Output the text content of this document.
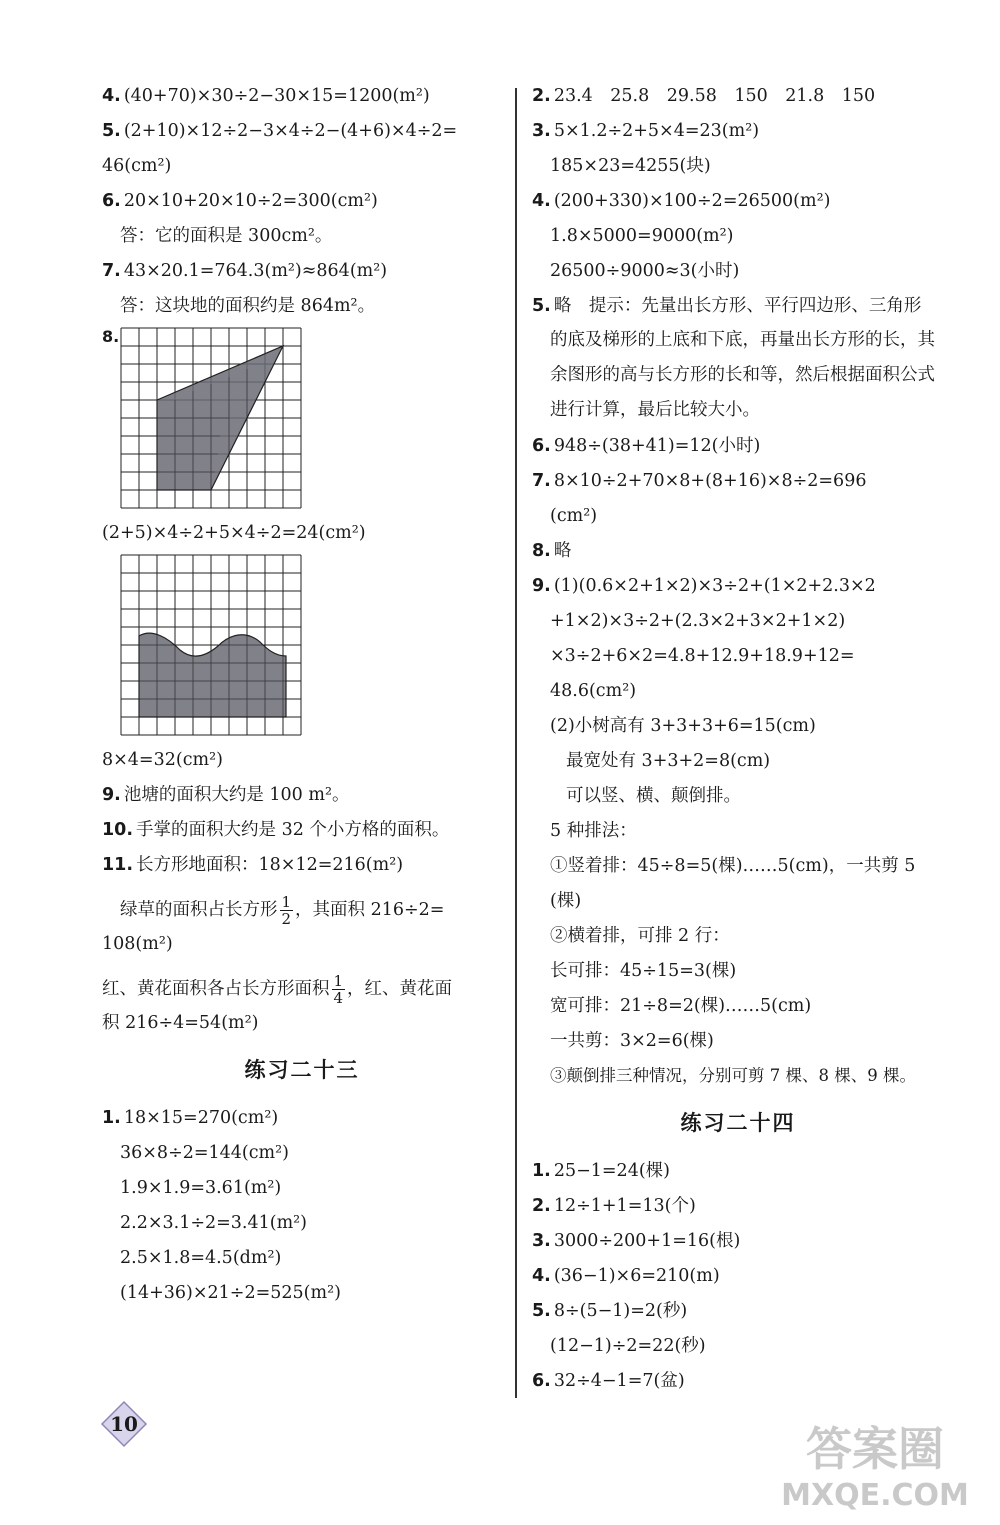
4. (40+70)×30÷2−30×15=1200(m²)

5. (2+10)×12÷2−3×4÷2−(4+6)×4÷2=

46(cm²)

6. 20×10+20×10÷2=300(cm²)

答：它的面积是 300cm²。

7. 43×20.1=764.3(m²)≈864(m²)

答：这块地的面积约是 864m²。

8.

(2+5)×4÷2+5×4÷2=24(cm²)

8×4=32(cm²)

9. 池塘的面积大约是 100 m²。

10. 手掌的面积大约是 32 个小方格的面积。

11. 长方形地面积：18×12=216(m²)

绿草的面积占长方形 $\frac{1}{2}$ ，其面积 216÷2=

108(m²)

红、黄花面积各占长方形面积 $\frac{1}{4}$ ，红、黄花面

积 216÷4=54(m²)

练习二十三

1. 18×15=270(cm²)

36×8÷2=144(cm²)

1.9×1.9=3.61(m²)

2.2×3.1÷2=3.41(m²)

2.5×1.8=4.5(dm²)

(14+36)×21÷2=525(m²)

2. 23.4　25.8　29.58　150　21.8　150

3. 5×1.2÷2+5×4=23(m²)

185×23=4255(块)

4. (200+330)×100÷2=26500(m²)

1.8×5000=9000(m²)

26500÷9000≈3(小时)

5. 略　提示：先量出长方形、平行四边形、三角形

的底及梯形的上底和下底，再量出长方形的长，其余图形的高与长方形的长和等，然后根据面积公式进行计算，最后比较大小。

6. 948÷(38+41)=12(小时)

7. 8×10÷2+70×8+(8+16)×8÷2=696

(cm²)

8. 略

9. (1)(0.6×2+1×2)×3÷2+(1×2+2.3×2

+1×2)×3÷2+(2.3×2+3×2+1×2)

×3÷2+6×2=4.8+12.9+18.9+12=

48.6(cm²)

(2)小树高有 3+3+3+6=15(cm)

最宽处有 3+3+2=8(cm)

可以竖、横、颠倒排。

5 种排法：

①竖着排：45÷8=5(棵)……5(cm)，一共剪 5

(棵)

②横着排，可排 2 行：

长可排：45÷15=3(棵)

宽可排：21÷8=2(棵)……5(cm)

一共剪：3×2=6(棵)

③颠倒排三种情况，分别可剪 7 棵、8 棵、9 棵。

练习二十四

1. 25−1=24(棵)

2. 12÷1+1=13(个)

3. 3000÷200+1=16(根)

4. (36−1)×6=210(m)

5. 8÷(5−1)=2(秒)

(12−1)÷2=22(秒)

6. 32÷4−1=7(盆)

10	答案圈
MXQE.COM
